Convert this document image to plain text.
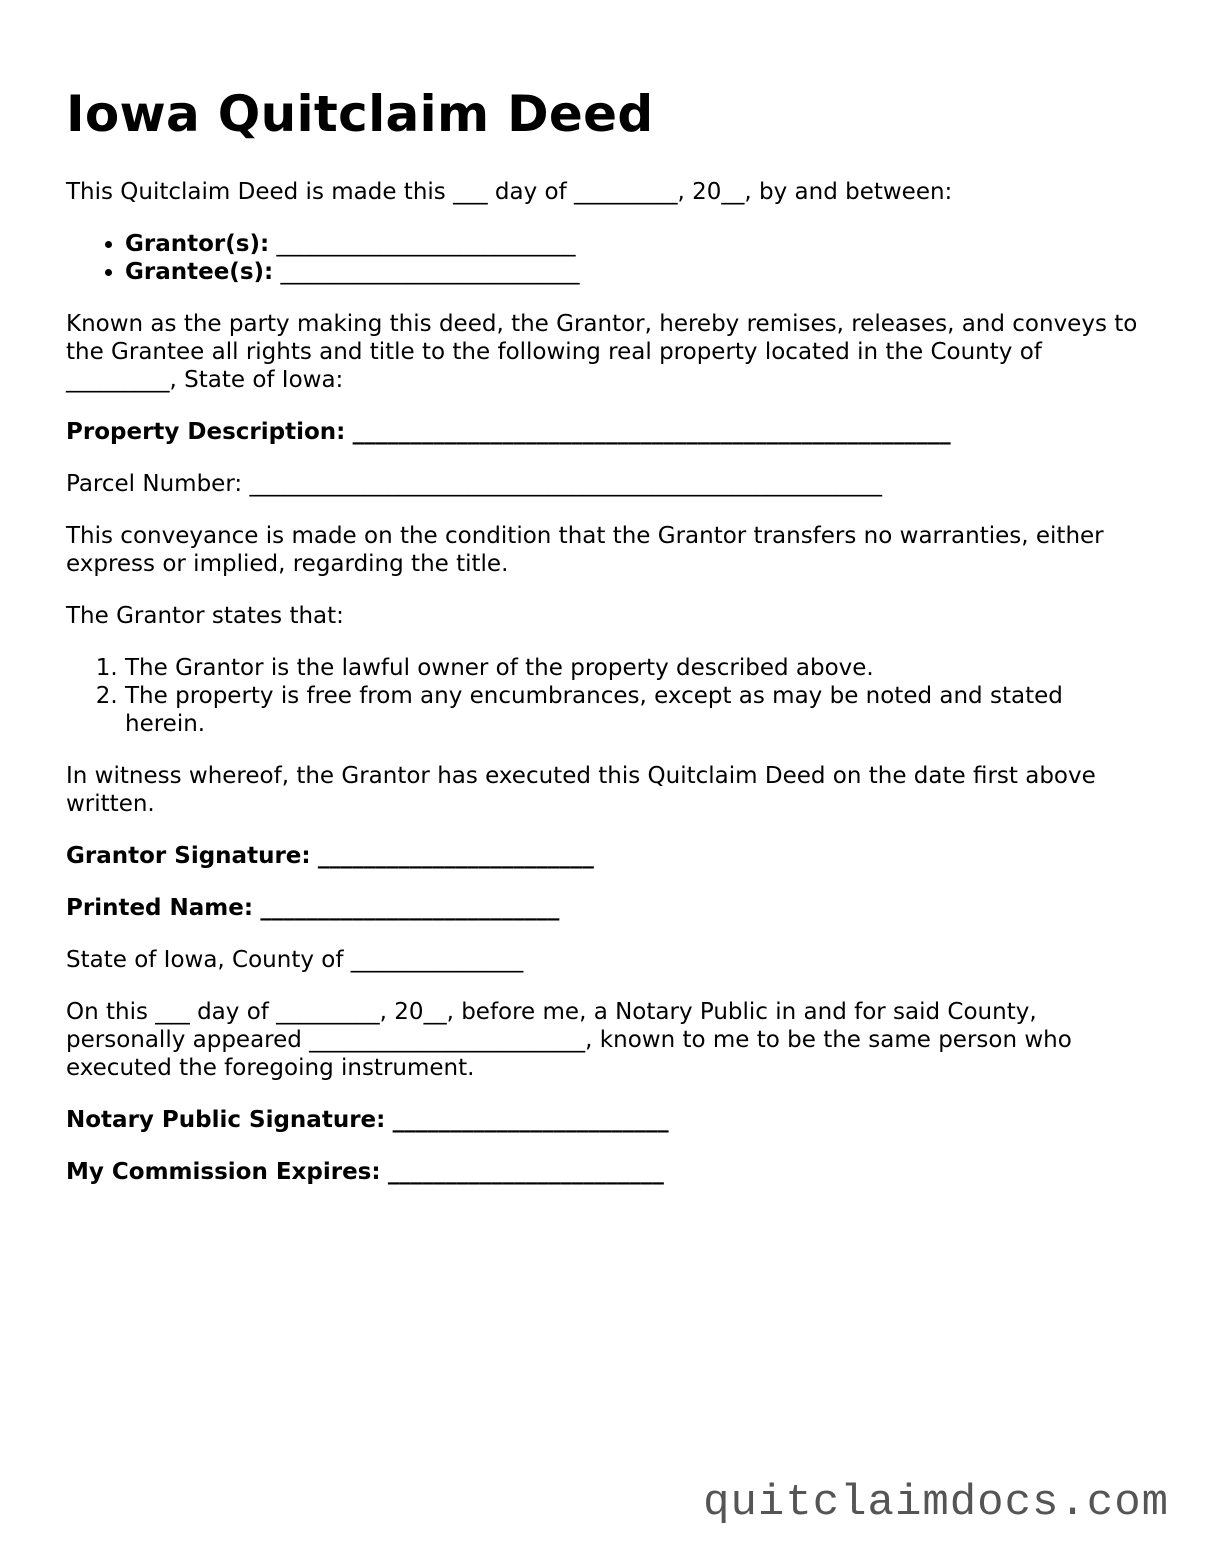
Iowa Quitclaim Deed

This Quitclaim Deed is made this ___ day of _________, 20__, by and between:

• Grantor(s): __________________________
• Grantee(s): __________________________

Known as the party making this deed, the Grantor, hereby remises, releases, and conveys to the Grantee all rights and title to the following real property located in the County of _________, State of Iowa:

Property Description: ____________________________________________________

Parcel Number: _______________________________________________________

This conveyance is made on the condition that the Grantor transfers no warranties, either express or implied, regarding the title.

The Grantor states that:

1. The Grantor is the lawful owner of the property described above.
2. The property is free from any encumbrances, except as may be noted and stated herein.

In witness whereof, the Grantor has executed this Quitclaim Deed on the date first above written.

Grantor Signature: ________________________

Printed Name: __________________________

State of Iowa, County of _______________

On this ___ day of _________, 20__, before me, a Notary Public in and for said County, personally appeared ________________________, known to me to be the same person who executed the foregoing instrument.

Notary Public Signature: ________________________

My Commission Expires: ________________________

quitclaimdocs.com
